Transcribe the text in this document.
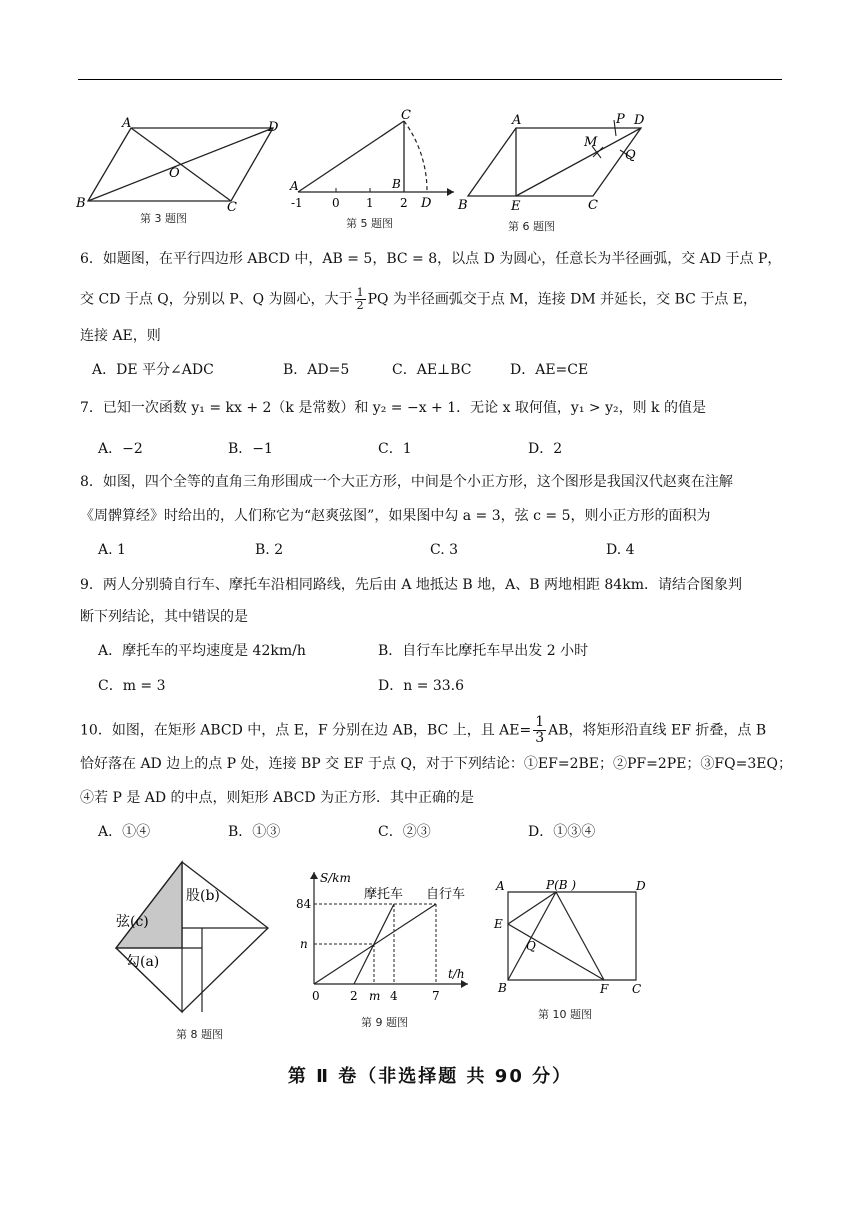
A	D
O
B	C
第 3 题图
C
A	B
D
-1 0 1 2
第 5 题图
A	P D
M
Q
B	E	C
第 6 题图
6．如题图，在平行四边形 ABCD 中，AB = 5，BC = 8，以点 D 为圆心，任意长为半径画弧，交 AD 于点 P，
交 CD 于点 Q，分别以 P、Q 为圆心，大于 $\frac{1}{2}$ PQ 为半径画弧交于点 M，连接 DM 并延长，交 BC 于点 E，
连接 AE，则
A．DE 平分∠ADC	B．AD=5	C．AE⊥BC	D．AE=CE
7．已知一次函数 y₁ = kx + 2（k 是常数）和 y₂ = −x + 1．无论 x 取何值，y₁ > y₂，则 k 的值是
A．−2	B．−1	C．1	D．2
8．如图，四个全等的直角三角形围成一个大正方形，中间是个小正方形，这个图形是我国汉代赵爽在注解
《周髀算经》时给出的，人们称它为“赵爽弦图”，如果图中勾 a = 3，弦 c = 5，则小正方形的面积为
A. 1	B. 2	C. 3	D. 4
9．两人分别骑自行车、摩托车沿相同路线，先后由 A 地抵达 B 地，A、B 两地相距 84km．请结合图象判
断下列结论，其中错误的是
A．摩托车的平均速度是 42km/h	B．自行车比摩托车早出发 2 小时
C．m = 3	D．n = 33.6
10．如图，在矩形 ABCD 中，点 E，F 分别在边 AB，BC 上，且 $AE= \frac{1}{3}$ AB，将矩形沿直线 EF 折叠，点 B
恰好落在 AD 边上的点 P 处，连接 BP 交 EF 于点 Q，对于下列结论：①EF=2BE；②PF=2PE；③FQ=3EQ；
④若 P 是 AD 的中点，则矩形 ABCD 为正方形．其中正确的是
A．①④	B．①③	C．②③	D．①③④
弦(c)
股(b)
勾(a)
第 8 题图
S/km
摩托车 自行车
84
n
t/h
0	2 m 4	7
第 9 题图
A	P(B )	D
E
Q
B	F C
第 10 题图
第 Ⅱ 卷（非选择题 共 90 分）
